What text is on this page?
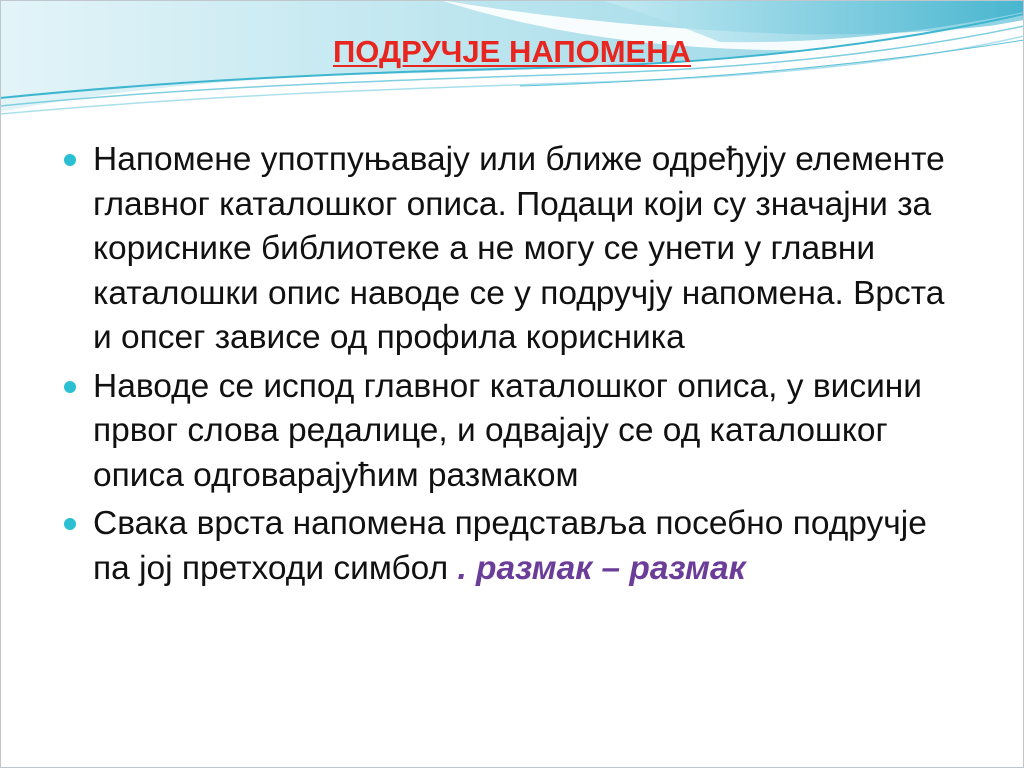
ПОДРУЧЈЕ НАПОМЕНА
Напомене употпуњавају или ближе одређују елементе главног каталошког описа. Подаци који су значајни за кориснике библиотеке а не могу се унети у главни каталошки опис наводе се у подручју напомена. Врста и опсег зависе од профила корисника
Наводе се испод главног каталошког описа, у висини првог слова редалице, и одвајају се од каталошког описа одговарајућим размаком
Свака врста напомена представља посебно подручје па јој претходи симбол . размак – размак
